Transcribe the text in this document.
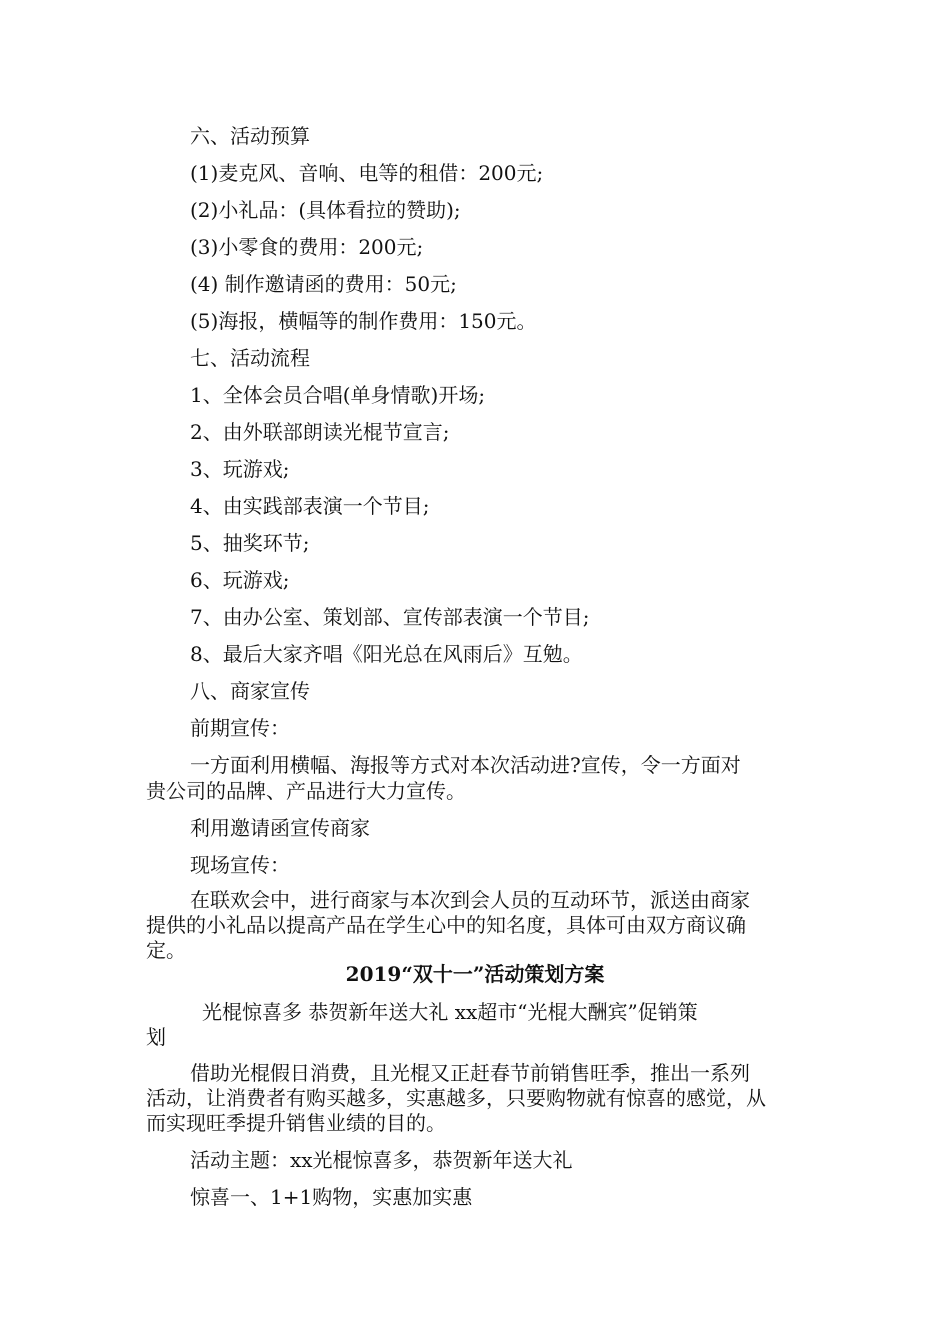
六、活动预算
(1)麦克风、音响、电等的租借：200元;
(2)小礼品：(具体看拉的赞助);
(3)小零食的费用：200元;
(4) 制作邀请函的费用：50元;
(5)海报，横幅等的制作费用：150元。
七、活动流程
1、全体会员合唱(单身情歌)开场;
2、由外联部朗读光棍节宣言;
3、玩游戏;
4、由实践部表演一个节目;
5、抽奖环节;
6、玩游戏;
7、由办公室、策划部、宣传部表演一个节目;
8、最后大家齐唱《阳光总在风雨后》互勉。
八、商家宣传
前期宣传：
一方面利用横幅、海报等方式对本次活动进?宣传，令一方面对
贵公司的品牌、产品进行大力宣传。
利用邀请函宣传商家
现场宣传：
在联欢会中，进行商家与本次到会人员的互动环节，派送由商家
提供的小礼品以提高产品在学生心中的知名度，具体可由双方商议确
定。
2019“双十一”活动策划方案
光棍惊喜多 恭贺新年送大礼 xx超市“光棍大酬宾”促销策
划
借助光棍假日消费，且光棍又正赶春节前销售旺季，推出一系列
活动，让消费者有购买越多，实惠越多，只要购物就有惊喜的感觉，从
而实现旺季提升销售业绩的目的。
活动主题：xx光棍惊喜多，恭贺新年送大礼
惊喜一、1+1购物，实惠加实惠
